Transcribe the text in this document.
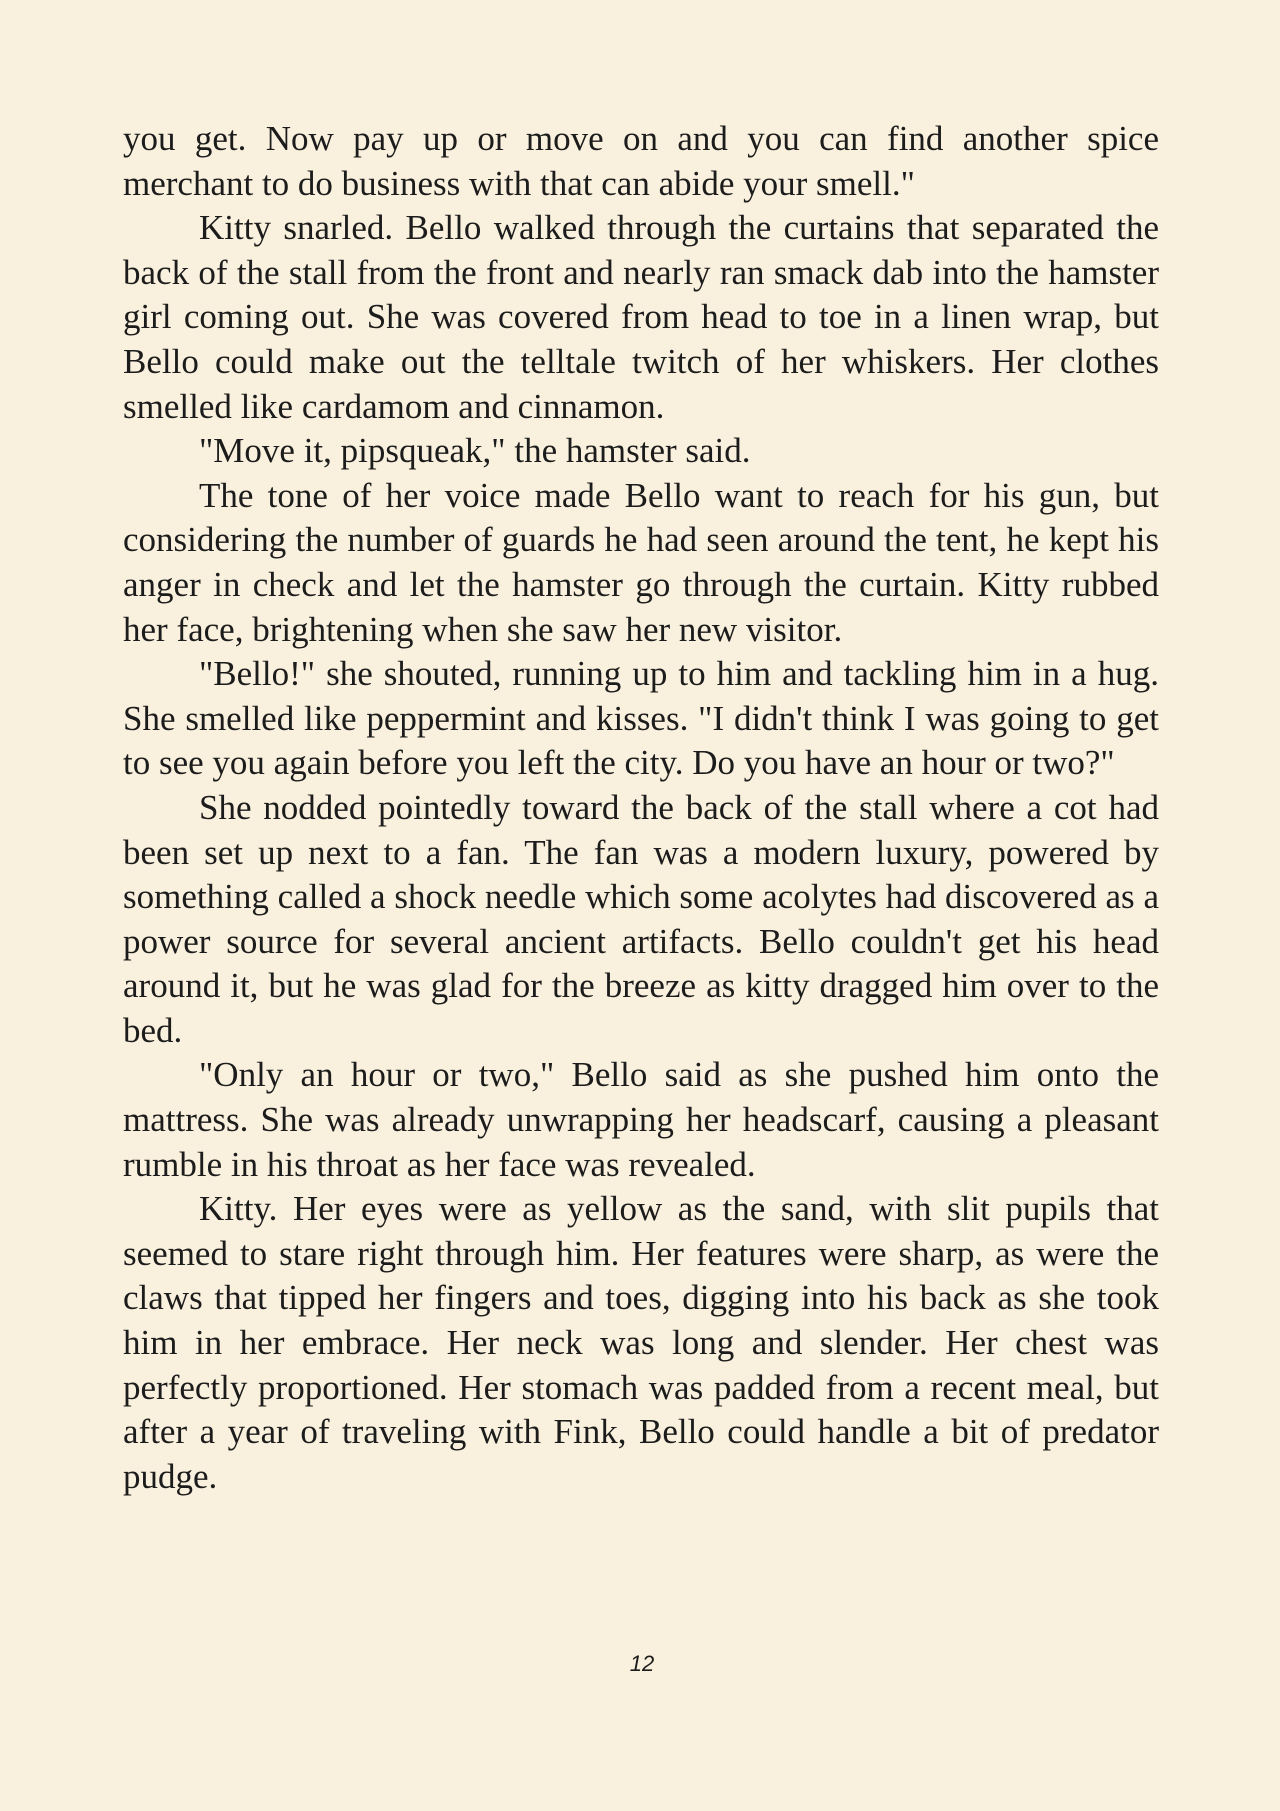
you get. Now pay up or move on and you can find another spice merchant to do business with that can abide your smell."

Kitty snarled. Bello walked through the curtains that separated the back of the stall from the front and nearly ran smack dab into the hamster girl coming out. She was covered from head to toe in a linen wrap, but Bello could make out the telltale twitch of her whiskers. Her clothes smelled like cardamom and cinnamon.

"Move it, pipsqueak," the hamster said.

The tone of her voice made Bello want to reach for his gun, but considering the number of guards he had seen around the tent, he kept his anger in check and let the hamster go through the curtain. Kitty rubbed her face, brightening when she saw her new visitor.

"Bello!" she shouted, running up to him and tackling him in a hug. She smelled like peppermint and kisses. "I didn't think I was going to get to see you again before you left the city. Do you have an hour or two?"

She nodded pointedly toward the back of the stall where a cot had been set up next to a fan. The fan was a modern luxury, powered by something called a shock needle which some acolytes had discovered as a power source for several ancient artifacts. Bello couldn't get his head around it, but he was glad for the breeze as kitty dragged him over to the bed.

"Only an hour or two," Bello said as she pushed him onto the mattress. She was already unwrapping her headscarf, causing a pleasant rumble in his throat as her face was revealed.

Kitty. Her eyes were as yellow as the sand, with slit pupils that seemed to stare right through him. Her features were sharp, as were the claws that tipped her fingers and toes, digging into his back as she took him in her embrace. Her neck was long and slender. Her chest was perfectly proportioned. Her stomach was padded from a recent meal, but after a year of traveling with Fink, Bello could handle a bit of predator pudge.

12
